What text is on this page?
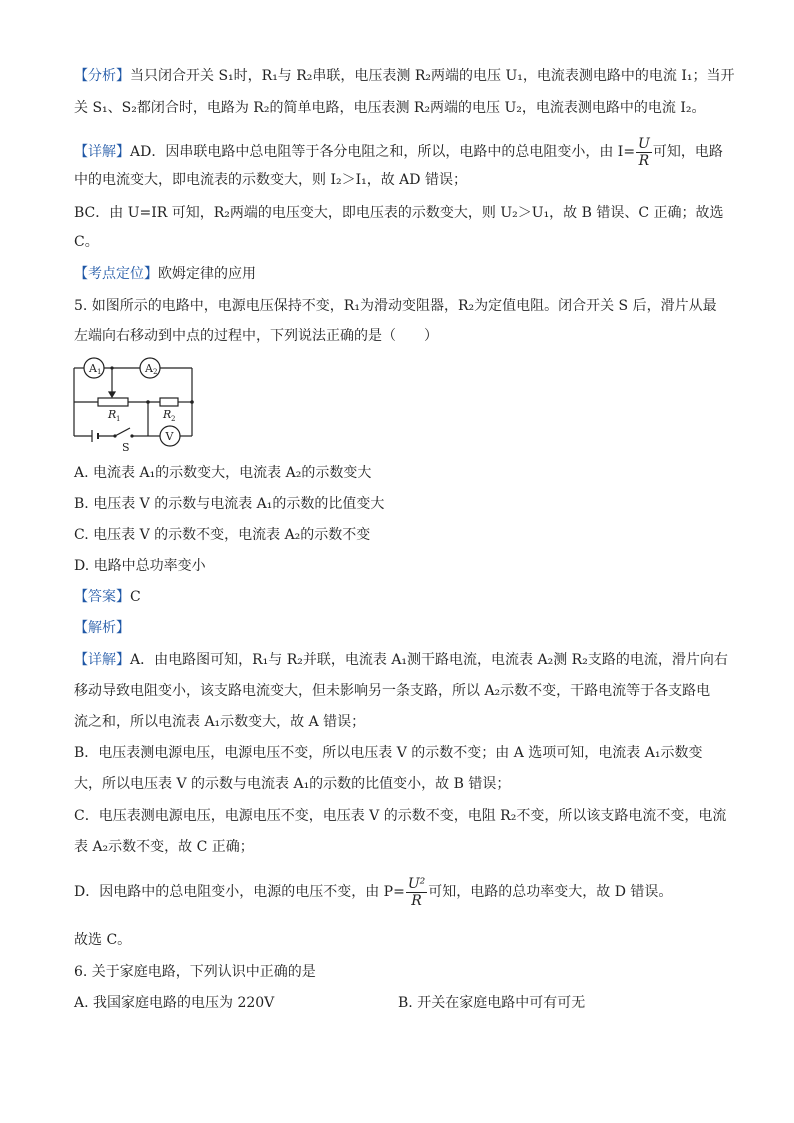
【分析】当只闭合开关 S₁时，R₁与 R₂串联，电压表测 R₂两端的电压 U₁，电流表测电路中的电流 I₁；当开
关 S₁、S₂都闭合时，电路为 R₂的简单电路，电压表测 R₂两端的电压 U₂，电流表测电路中的电流 I₂。
【详解】AD．因串联电路中总电阻等于各分电阻之和，所以，电路中的总电阻变小，由 $I= \frac{U}{R}$ 可知，电路
中的电流变大，即电流表的示数变大，则 I₂＞I₁，故 AD 错误；
BC．由 U=IR 可知，R₂两端的电压变大，即电压表的示数变大，则 U₂＞U₁，故 B 错误、C 正确；故选
C。
【考点定位】欧姆定律的应用
5. 如图所示的电路中，电源电压保持不变，R₁为滑动变阻器，R₂为定值电阻。闭合开关 S 后，滑片从最
左端向右移动到中点的过程中，下列说法正确的是（　　）
A 1	A 2
V
R 1	R 2
S
A. 电流表 A₁的示数变大，电流表 A₂的示数变大
B. 电压表 V 的示数与电流表 A₁的示数的比值变大
C. 电压表 V 的示数不变，电流表 A₂的示数不变
D. 电路中总功率变小
【答案】C
【解析】
【详解】A．由电路图可知，R₁与 R₂并联，电流表 A₁测干路电流，电流表 A₂测 R₂支路的电流，滑片向右
移动导致电阻变小，该支路电流变大，但未影响另一条支路，所以 A₂示数不变，干路电流等于各支路电
流之和，所以电流表 A₁示数变大，故 A 错误；
B．电压表测电源电压，电源电压不变，所以电压表 V 的示数不变；由 A 选项可知，电流表 A₁示数变
大，所以电压表 V 的示数与电流表 A₁的示数的比值变小，故 B 错误；
C．电压表测电源电压，电源电压不变，电压表 V 的示数不变，电阻 R₂不变，所以该支路电流不变，电流
表 A₂示数不变，故 C 正确；
D．因电路中的总电阻变小，电源的电压不变，由 $P= \frac{\text{U²}}{R}$ 可知，电路的总功率变大，故 D 错误。
故选 C。
6. 关于家庭电路，下列认识中正确的是
A. 我国家庭电路的电压为 220V	B. 开关在家庭电路中可有可无
